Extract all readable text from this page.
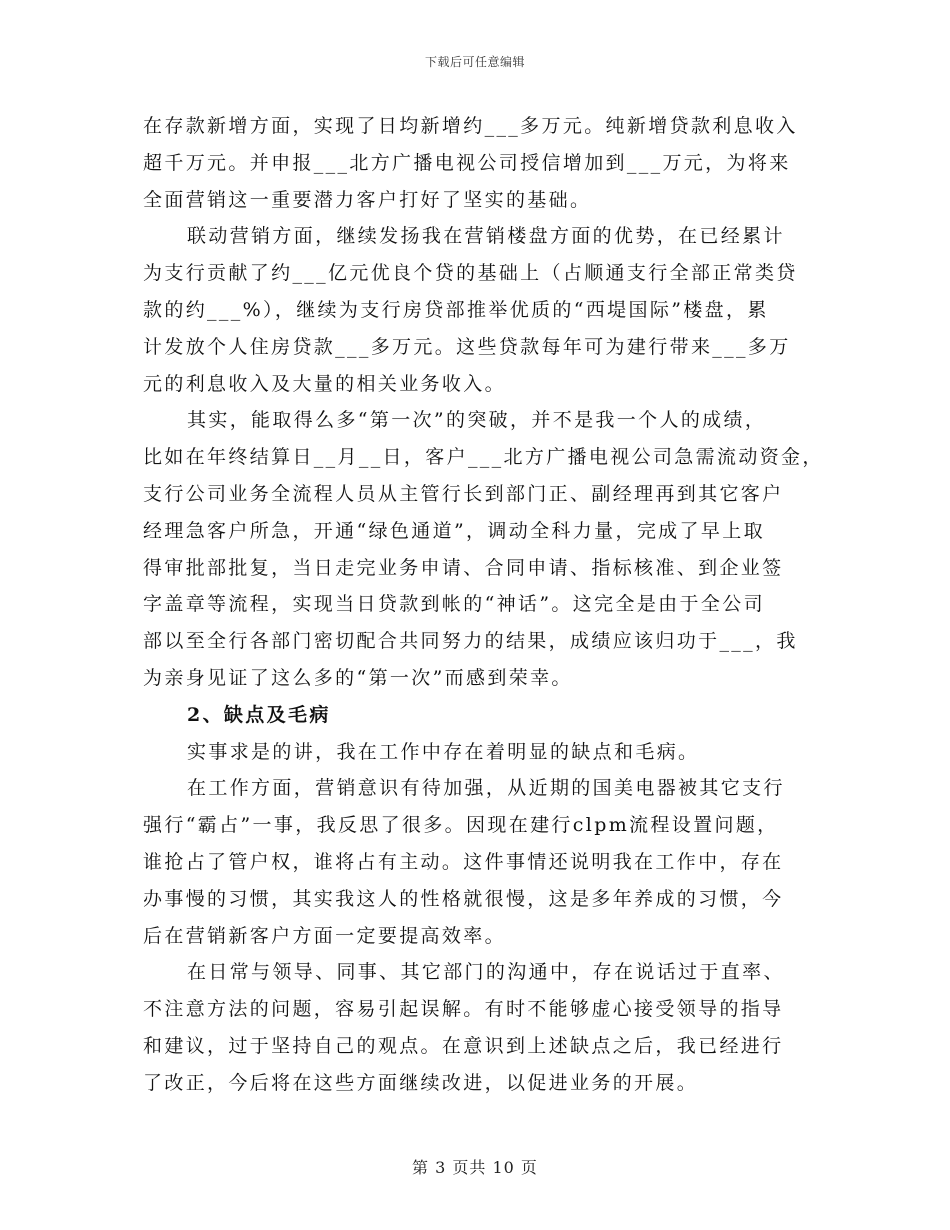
下载后可任意编辑
在存款新增方面，实现了日均新增约___多万元。纯新增贷款利息收入
超千万元。并申报___北方广播电视公司授信增加到___万元，为将来
全面营销这一重要潜力客户打好了坚实的基础。
联动营销方面，继续发扬我在营销楼盘方面的优势，在已经累计
为支行贡献了约___亿元优良个贷的基础上（占顺通支行全部正常类贷
款的约___%），继续为支行房贷部推举优质的“西堤国际”楼盘，累
计发放个人住房贷款___多万元。这些贷款每年可为建行带来___多万
元的利息收入及大量的相关业务收入。
其实，能取得么多“第一次”的突破，并不是我一个人的成绩，
比如在年终结算日__月__日，客户___北方广播电视公司急需流动资金，
支行公司业务全流程人员从主管行长到部门正、副经理再到其它客户
经理急客户所急，开通“绿色通道”，调动全科力量，完成了早上取
得审批部批复，当日走完业务申请、合同申请、指标核准、到企业签
字盖章等流程，实现当日贷款到帐的“神话”。这完全是由于全公司
部以至全行各部门密切配合共同努力的结果，成绩应该归功于___，我
为亲身见证了这么多的“第一次”而感到荣幸。
2、缺点及毛病
实事求是的讲，我在工作中存在着明显的缺点和毛病。
在工作方面，营销意识有待加强，从近期的国美电器被其它支行
强行“霸占”一事，我反思了很多。因现在建行clpm流程设置问题，
谁抢占了管户权，谁将占有主动。这件事情还说明我在工作中，存在
办事慢的习惯，其实我这人的性格就很慢，这是多年养成的习惯，今
后在营销新客户方面一定要提高效率。
在日常与领导、同事、其它部门的沟通中，存在说话过于直率、
不注意方法的问题，容易引起误解。有时不能够虚心接受领导的指导
和建议，过于坚持自己的观点。在意识到上述缺点之后，我已经进行
了改正，今后将在这些方面继续改进，以促进业务的开展。
第 3 页共 10 页
